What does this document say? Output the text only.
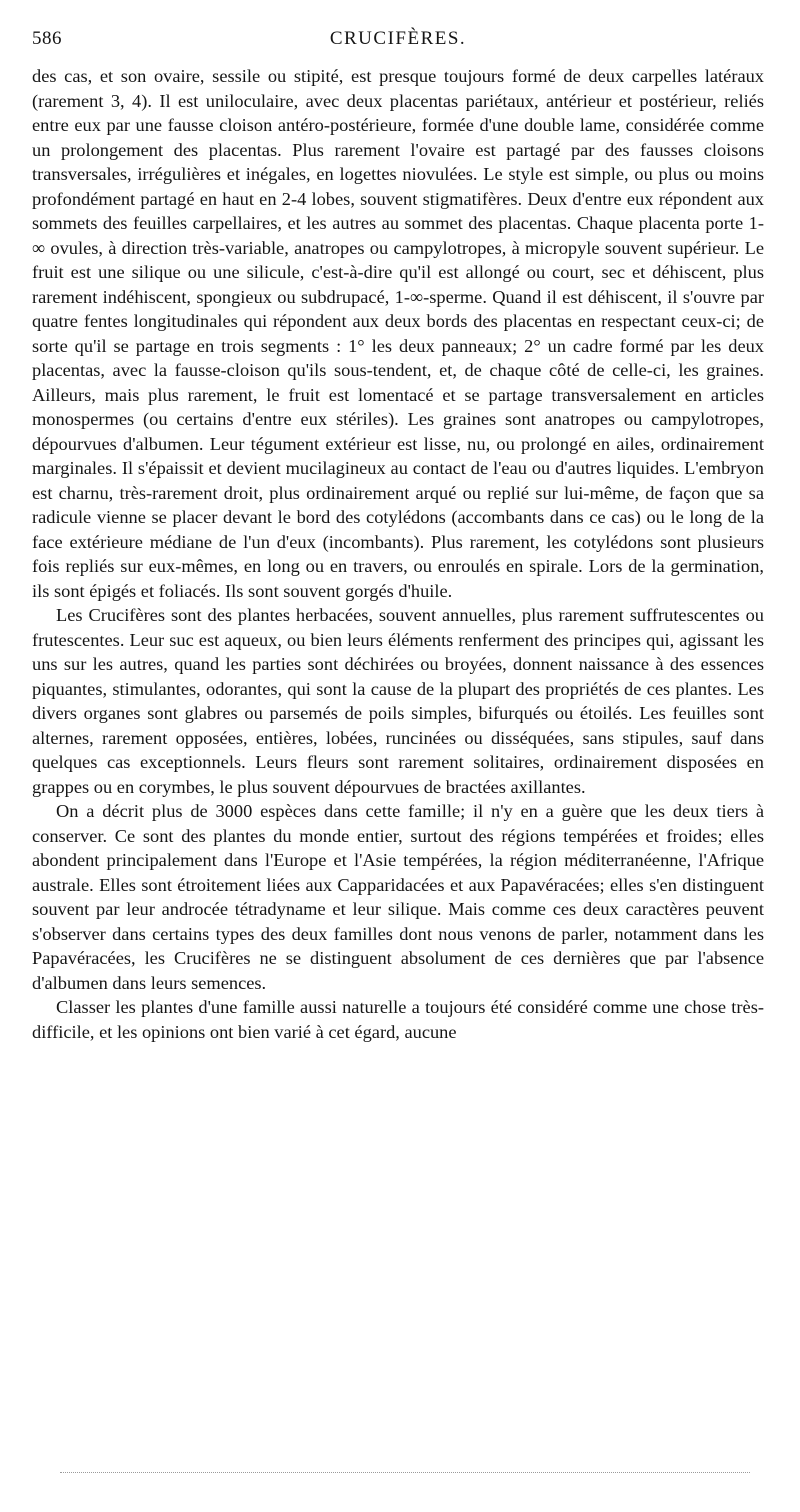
586	CRUCIFÈRES.

des cas, et son ovaire, sessile ou stipité, est presque toujours formé de deux carpelles latéraux (rarement 3, 4). Il est uniloculaire, avec deux placentas pariétaux, antérieur et postérieur, reliés entre eux par une fausse cloison antéro-postérieure, formée d'une double lame, considérée comme un prolongement des placentas. Plus rarement l'ovaire est partagé par des fausses cloisons transversales, irrégulières et inégales, en logettes niovulées. Le style est simple, ou plus ou moins profondément partagé en haut en 2-4 lobes, souvent stigmatifères. Deux d'entre eux répondent aux sommets des feuilles carpellaires, et les autres au sommet des placentas. Chaque placenta porte 1-∞ ovules, à direction très-variable, anatropes ou campylotropes, à micropyle souvent supérieur. Le fruit est une silique ou une silicule, c'est-à-dire qu'il est allongé ou court, sec et déhiscent, plus rarement indéhiscent, spongieux ou subdrupacé, 1-∞-sperme. Quand il est déhiscent, il s'ouvre par quatre fentes longitudinales qui répondent aux deux bords des placentas en respectant ceux-ci; de sorte qu'il se partage en trois segments : 1° les deux panneaux; 2° un cadre formé par les deux placentas, avec la fausse-cloison qu'ils sous-tendent, et, de chaque côté de celle-ci, les graines. Ailleurs, mais plus rarement, le fruit est lomentacé et se partage transversalement en articles monospermes (ou certains d'entre eux stériles). Les graines sont anatropes ou campylotropes, dépourvues d'albumen. Leur tégument extérieur est lisse, nu, ou prolongé en ailes, ordinairement marginales. Il s'épaissit et devient mucilagineux au contact de l'eau ou d'autres liquides. L'embryon est charnu, très-rarement droit, plus ordinairement arqué ou replié sur lui-même, de façon que sa radicule vienne se placer devant le bord des cotylédons (accombants dans ce cas) ou le long de la face extérieure médiane de l'un d'eux (incombants). Plus rarement, les cotylédons sont plusieurs fois repliés sur eux-mêmes, en long ou en travers, ou enroulés en spirale. Lors de la germination, ils sont épigés et foliacés. Ils sont souvent gorgés d'huile.

Les Crucifères sont des plantes herbacées, souvent annuelles, plus rarement suffrutescentes ou frutescentes. Leur suc est aqueux, ou bien leurs éléments renferment des principes qui, agissant les uns sur les autres, quand les parties sont déchirées ou broyées, donnent naissance à des essences piquantes, stimulantes, odorantes, qui sont la cause de la plupart des propriétés de ces plantes. Les divers organes sont glabres ou parsemés de poils simples, bifurqués ou étoilés. Les feuilles sont alternes, rarement opposées, entières, lobées, runcinées ou disséquées, sans stipules, sauf dans quelques cas exceptionnels. Leurs fleurs sont rarement solitaires, ordinairement disposées en grappes ou en corymbes, le plus souvent dépourvues de bractées axillantes.

On a décrit plus de 3000 espèces dans cette famille; il n'y en a guère que les deux tiers à conserver. Ce sont des plantes du monde entier, surtout des régions tempérées et froides; elles abondent principalement dans l'Europe et l'Asie tempérées, la région méditerranéenne, l'Afrique australe. Elles sont étroitement liées aux Capparidacées et aux Papavéracées; elles s'en distinguent souvent par leur androcée tétradyname et leur silique. Mais comme ces deux caractères peuvent s'observer dans certains types des deux familles dont nous venons de parler, notamment dans les Papavéracées, les Crucifères ne se distinguent absolument de ces dernières que par l'absence d'albumen dans leurs semences.

Classer les plantes d'une famille aussi naturelle a toujours été considéré comme une chose très-difficile, et les opinions ont bien varié à cet égard, aucune
